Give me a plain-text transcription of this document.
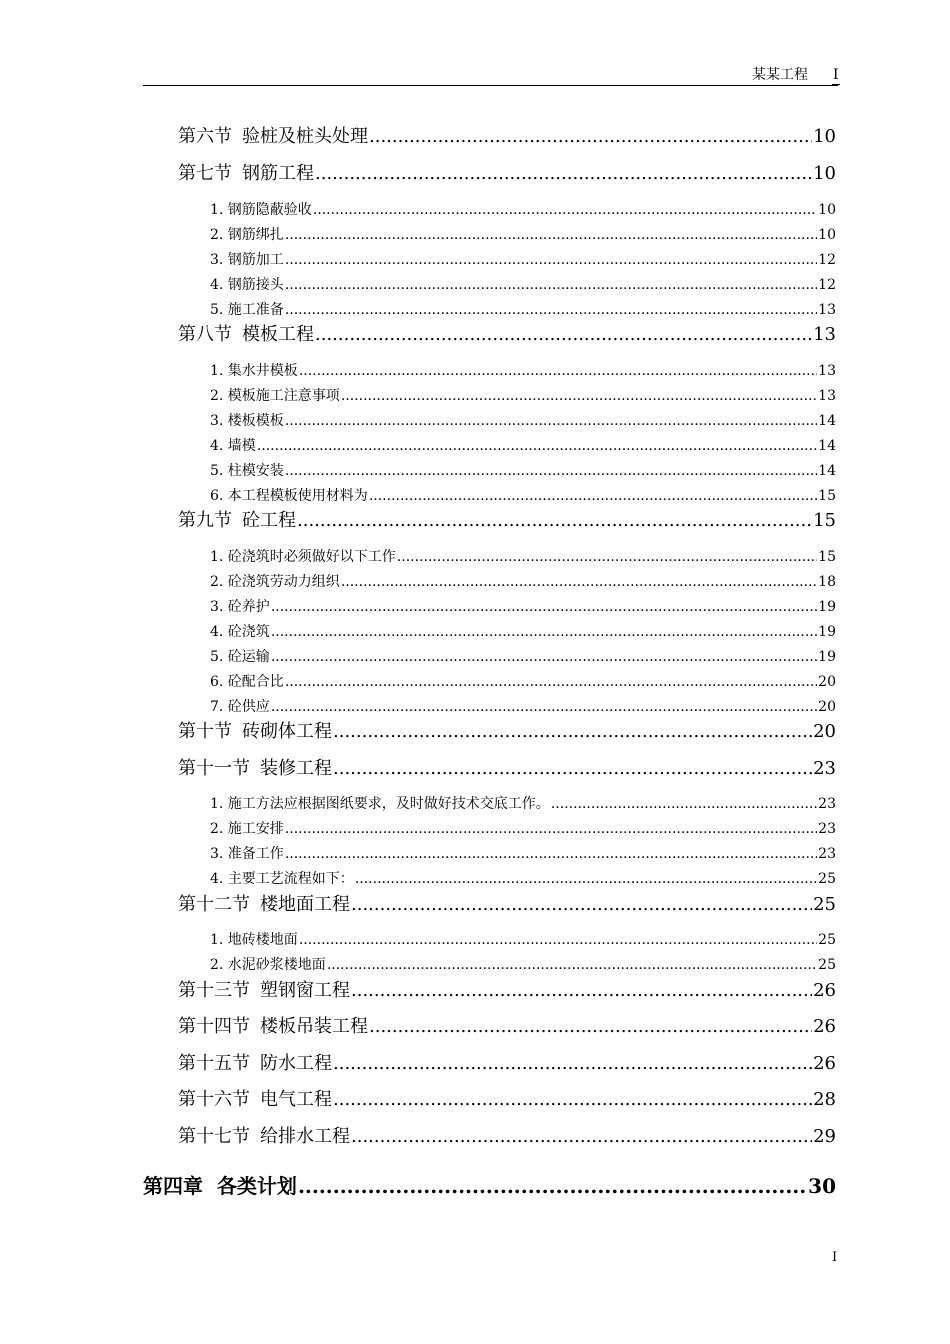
某某工程 I
第六节 验桩及桩头处理 .....	10
第七节 钢筋工程 .....	10
1. 钢筋隐蔽验收 .....	10
2. 钢筋绑扎 .....	10
3. 钢筋加工 .....	12
4. 钢筋接头 .....	12
5. 施工准备 .....	13
第八节 模板工程 .....	13
1. 集水井模板 .....	13
2. 模板施工注意事项 .....	13
3. 楼板模板 .....	14
4. 墙模 .....	14
5. 柱模安装 .....	14
6. 本工程模板使用材料为 .....	15
第九节 砼工程 .....	15
1. 砼浇筑时必须做好以下工作 .....	15
2. 砼浇筑劳动力组织 .....	18
3. 砼养护 .....	19
4. 砼浇筑 .....	19
5. 砼运输 .....	19
6. 砼配合比 .....	20
7. 砼供应 .....	20
第十节 砖砌体工程 .....	20
第十一节 装修工程 .....	23
1. 施工方法应根据图纸要求，及时做好技术交底工作。 .....	23
2. 施工安排 .....	23
3. 准备工作 .....	23
4. 主要工艺流程如下： .....	25
第十二节 楼地面工程 .....	25
1. 地砖楼地面 .....	25
2. 水泥砂浆楼地面 .....	25
第十三节 塑钢窗工程 .....	26
第十四节 楼板吊装工程 .....	26
第十五节 防水工程 .....	26
第十六节 电气工程 .....	28
第十七节 给排水工程 .....	29
第四章  各类计划 .....	30
I
